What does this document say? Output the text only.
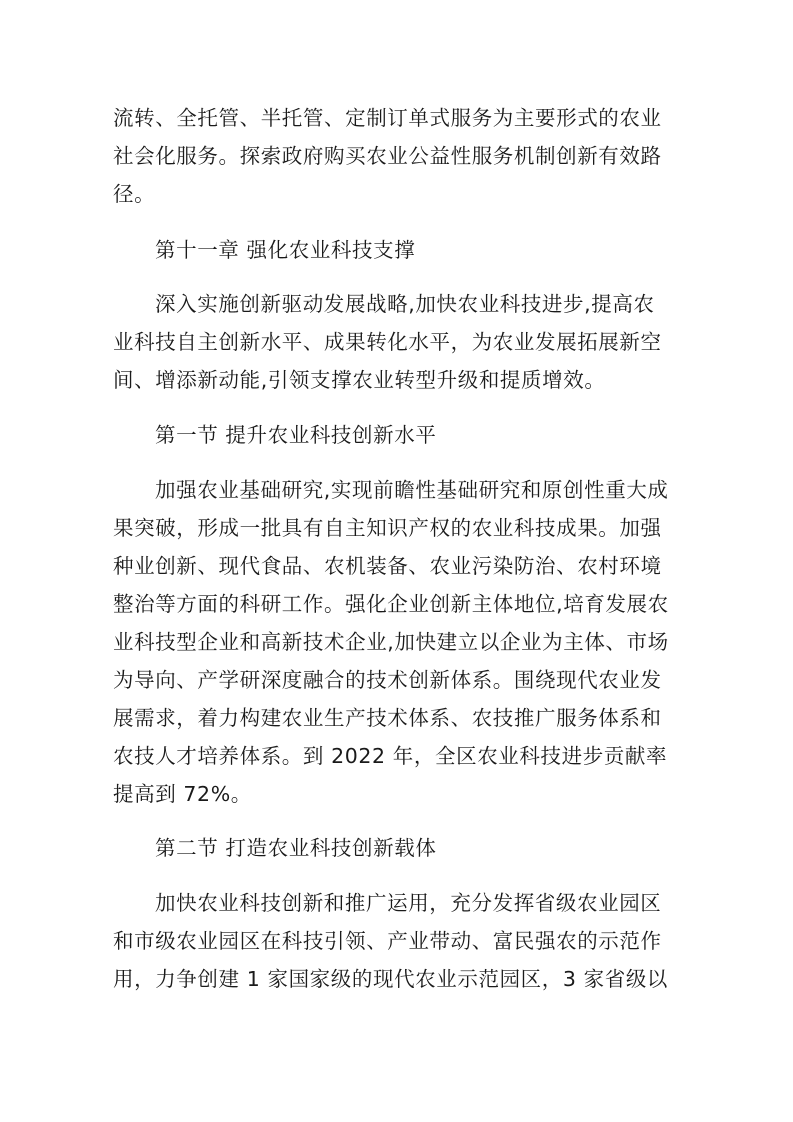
流转、全托管、半托管、定制订单式服务为主要形式的农业
社会化服务。探索政府购买农业公益性服务机制创新有效路
径。
第十一章 强化农业科技支撑
深入实施创新驱动发展战略,加快农业科技进步,提高农
业科技自主创新水平、成果转化水平，为农业发展拓展新空
间、增添新动能,引领支撑农业转型升级和提质增效。
第一节 提升农业科技创新水平
加强农业基础研究,实现前瞻性基础研究和原创性重大成
果突破，形成一批具有自主知识产权的农业科技成果。加强
种业创新、现代食品、农机装备、农业污染防治、农村环境
整治等方面的科研工作。强化企业创新主体地位,培育发展农
业科技型企业和高新技术企业,加快建立以企业为主体、市场
为导向、产学研深度融合的技术创新体系。围绕现代农业发
展需求，着力构建农业生产技术体系、农技推广服务体系和
农技人才培养体系。到 2022 年，全区农业科技进步贡献率
提高到 72%。
第二节 打造农业科技创新载体
加快农业科技创新和推广运用，充分发挥省级农业园区
和市级农业园区在科技引领、产业带动、富民强农的示范作
用，力争创建 1 家国家级的现代农业示范园区，3 家省级以
